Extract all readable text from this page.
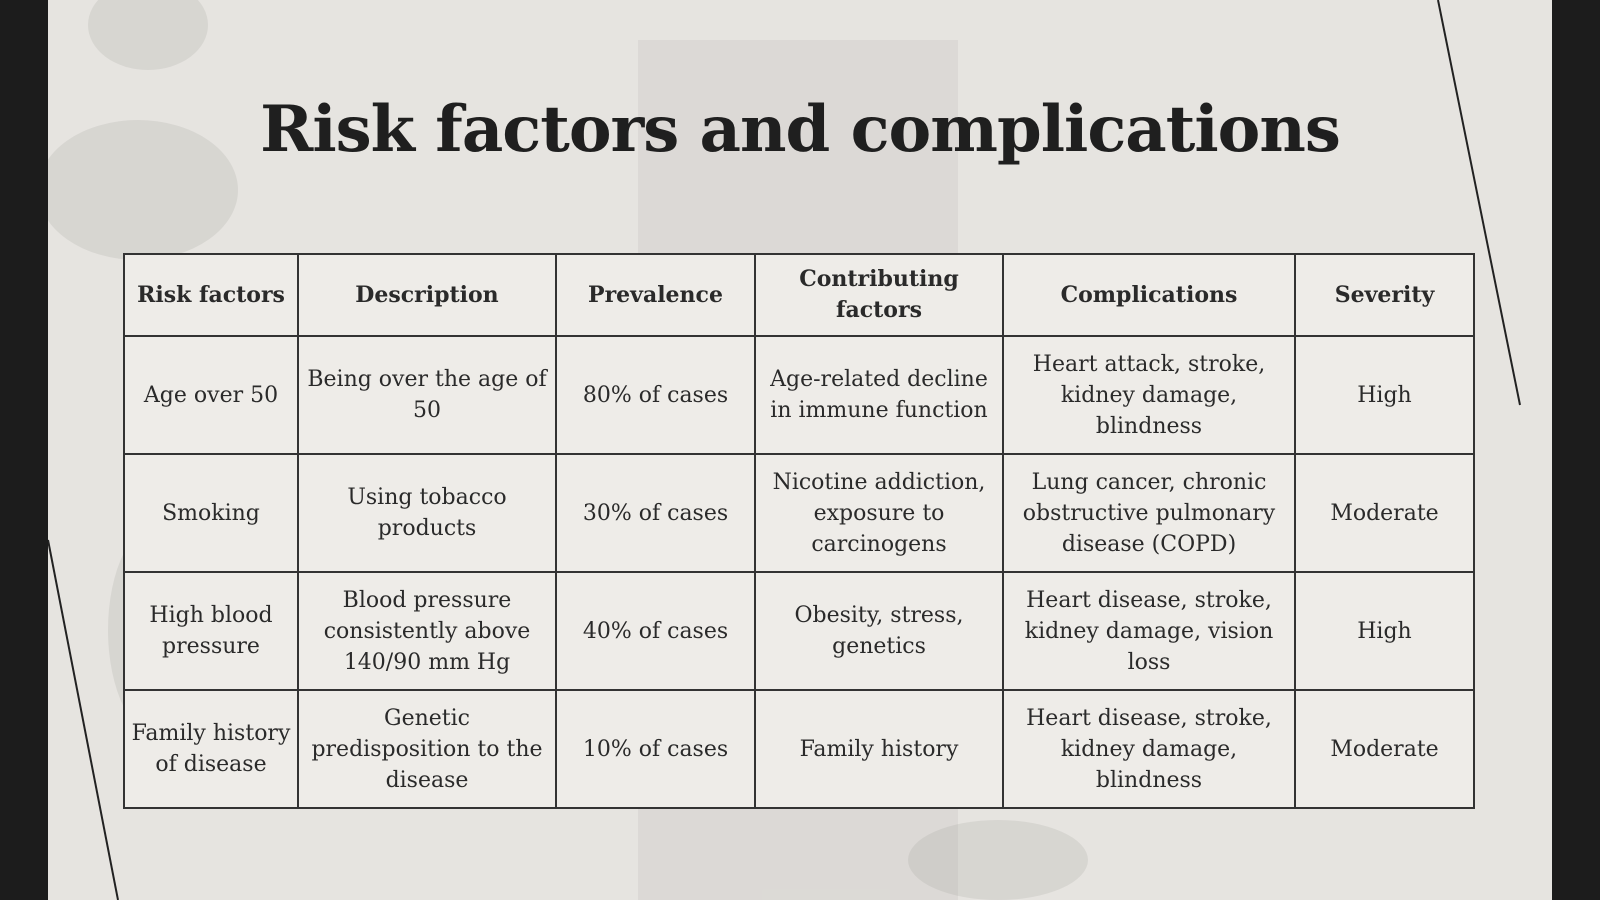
Risk factors and complications
Risk factors	Description	Prevalence	Contributing factors	Complications	Severity
Age over 50	Being over the age of 50	80% of cases	Age-related decline in immune function	Heart attack, stroke, kidney damage, blindness	High
Smoking	Using tobacco products	30% of cases	Nicotine addiction, exposure to carcinogens	Lung cancer, chronic obstructive pulmonary disease (COPD)	Moderate
High blood pressure	Blood pressure consistently above 140/90 mm Hg	40% of cases	Obesity, stress, genetics	Heart disease, stroke, kidney damage, vision loss	High
Family history of disease	Genetic predisposition to the disease	10% of cases	Family history	Heart disease, stroke, kidney damage, blindness	Moderate
